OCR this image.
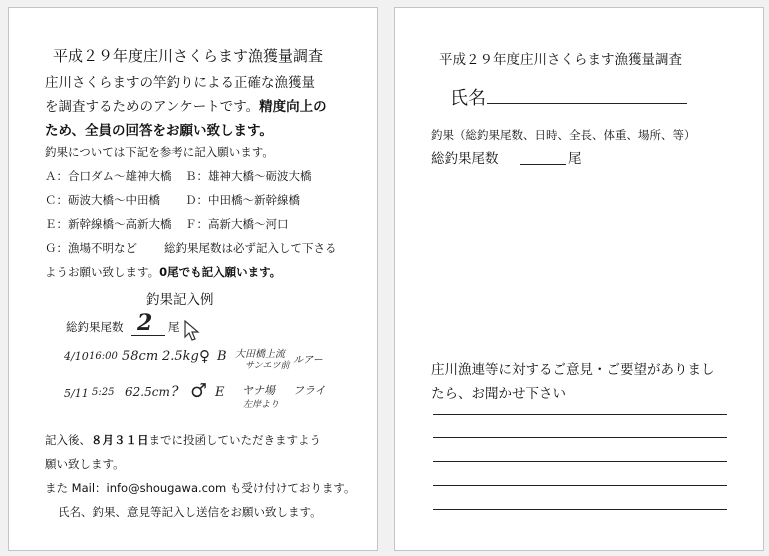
平成２９年度庄川さくらます漁獲量調査
庄川さくらますの竿釣りによる正確な漁獲量
を調査するためのアンケートです。精度向上の
ため、全員の回答をお願い致します。
釣果については下記を参考に記入願います。
Ａ：合口ダム～雄神大橋 Ｂ：雄神大橋～砺波大橋
Ｃ：砺波大橋～中田橋 Ｄ：中田橋～新幹線橋
Ｅ：新幹線橋～高新大橋 Ｆ：高新大橋～河口
Ｇ：漁場不明など 総釣果尾数は必ず記入して下さる
ようお願い致します。0尾でも記入願います。
釣果記入例
総釣果尾数 2 尾
4/10 16:00 58cm 2.5kg ♀ B 大田橋上流
サンエツ前 ルアー
5/11 5:25 62.5cm ? ♂ E ヤナ場
左岸より
フライ
記入後、８月３１日までに投函していただきますよう
願い致します。
また Mail：info@shougawa.com も受け付けております。
氏名、釣果、意見等記入し送信をお願い致します。
平成２９年度庄川さくらます漁獲量調査
氏名
釣果（総釣果尾数、日時、全長、体重、場所、等）
総釣果尾数	尾
庄川漁連等に対するご意見・ご要望がありまし
たら、お聞かせ下さい
